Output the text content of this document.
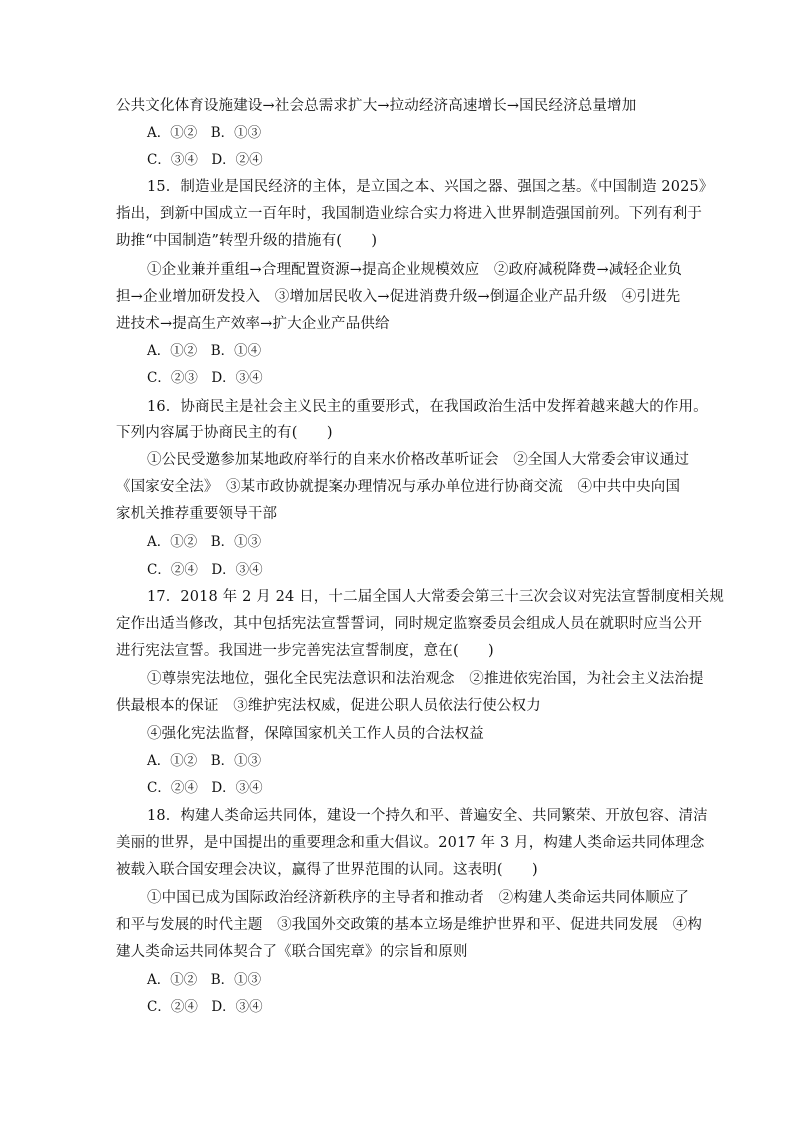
公共文化体育设施建设→社会总需求扩大→拉动经济高速增长→国民经济总量增加
A．①②　B．①③
C．③④　D．②④
15．制造业是国民经济的主体，是立国之本、兴国之器、强国之基。《中国制造 2025》
指出，到新中国成立一百年时，我国制造业综合实力将进入世界制造强国前列。下列有利于
助推“中国制造”转型升级的措施有(　　)
①企业兼并重组→合理配置资源→提高企业规模效应　②政府减税降费→减轻企业负
担→企业增加研发投入　③增加居民收入→促进消费升级→倒逼企业产品升级　④引进先
进技术→提高生产效率→扩大企业产品供给
A．①②　B．①④
C．②③　D．③④
16．协商民主是社会主义民主的重要形式，在我国政治生活中发挥着越来越大的作用。
下列内容属于协商民主的有(　　)
①公民受邀参加某地政府举行的自来水价格改革听证会　②全国人大常委会审议通过
《国家安全法》　③某市政协就提案办理情况与承办单位进行协商交流　④中共中央向国
家机关推荐重要领导干部
A．①②　B．①③
C．②④　D．③④
17．2018 年 2 月 24 日，十二届全国人大常委会第三十三次会议对宪法宣誓制度相关规
定作出适当修改，其中包括宪法宣誓誓词，同时规定监察委员会组成人员在就职时应当公开
进行宪法宣誓。我国进一步完善宪法宣誓制度，意在(　　)
①尊崇宪法地位，强化全民宪法意识和法治观念　②推进依宪治国，为社会主义法治提
供最根本的保证　③维护宪法权威，促进公职人员依法行使公权力
④强化宪法监督，保障国家机关工作人员的合法权益
A．①②　B．①③
C．②④　D．③④
18．构建人类命运共同体，建设一个持久和平、普遍安全、共同繁荣、开放包容、清洁
美丽的世界，是中国提出的重要理念和重大倡议。2017 年 3 月，构建人类命运共同体理念
被载入联合国安理会决议，赢得了世界范围的认同。这表明(　　)
①中国已成为国际政治经济新秩序的主导者和推动者　②构建人类命运共同体顺应了
和平与发展的时代主题　③我国外交政策的基本立场是维护世界和平、促进共同发展　④构
建人类命运共同体契合了《联合国宪章》的宗旨和原则
A．①②　B．①③
C．②④　D．③④
